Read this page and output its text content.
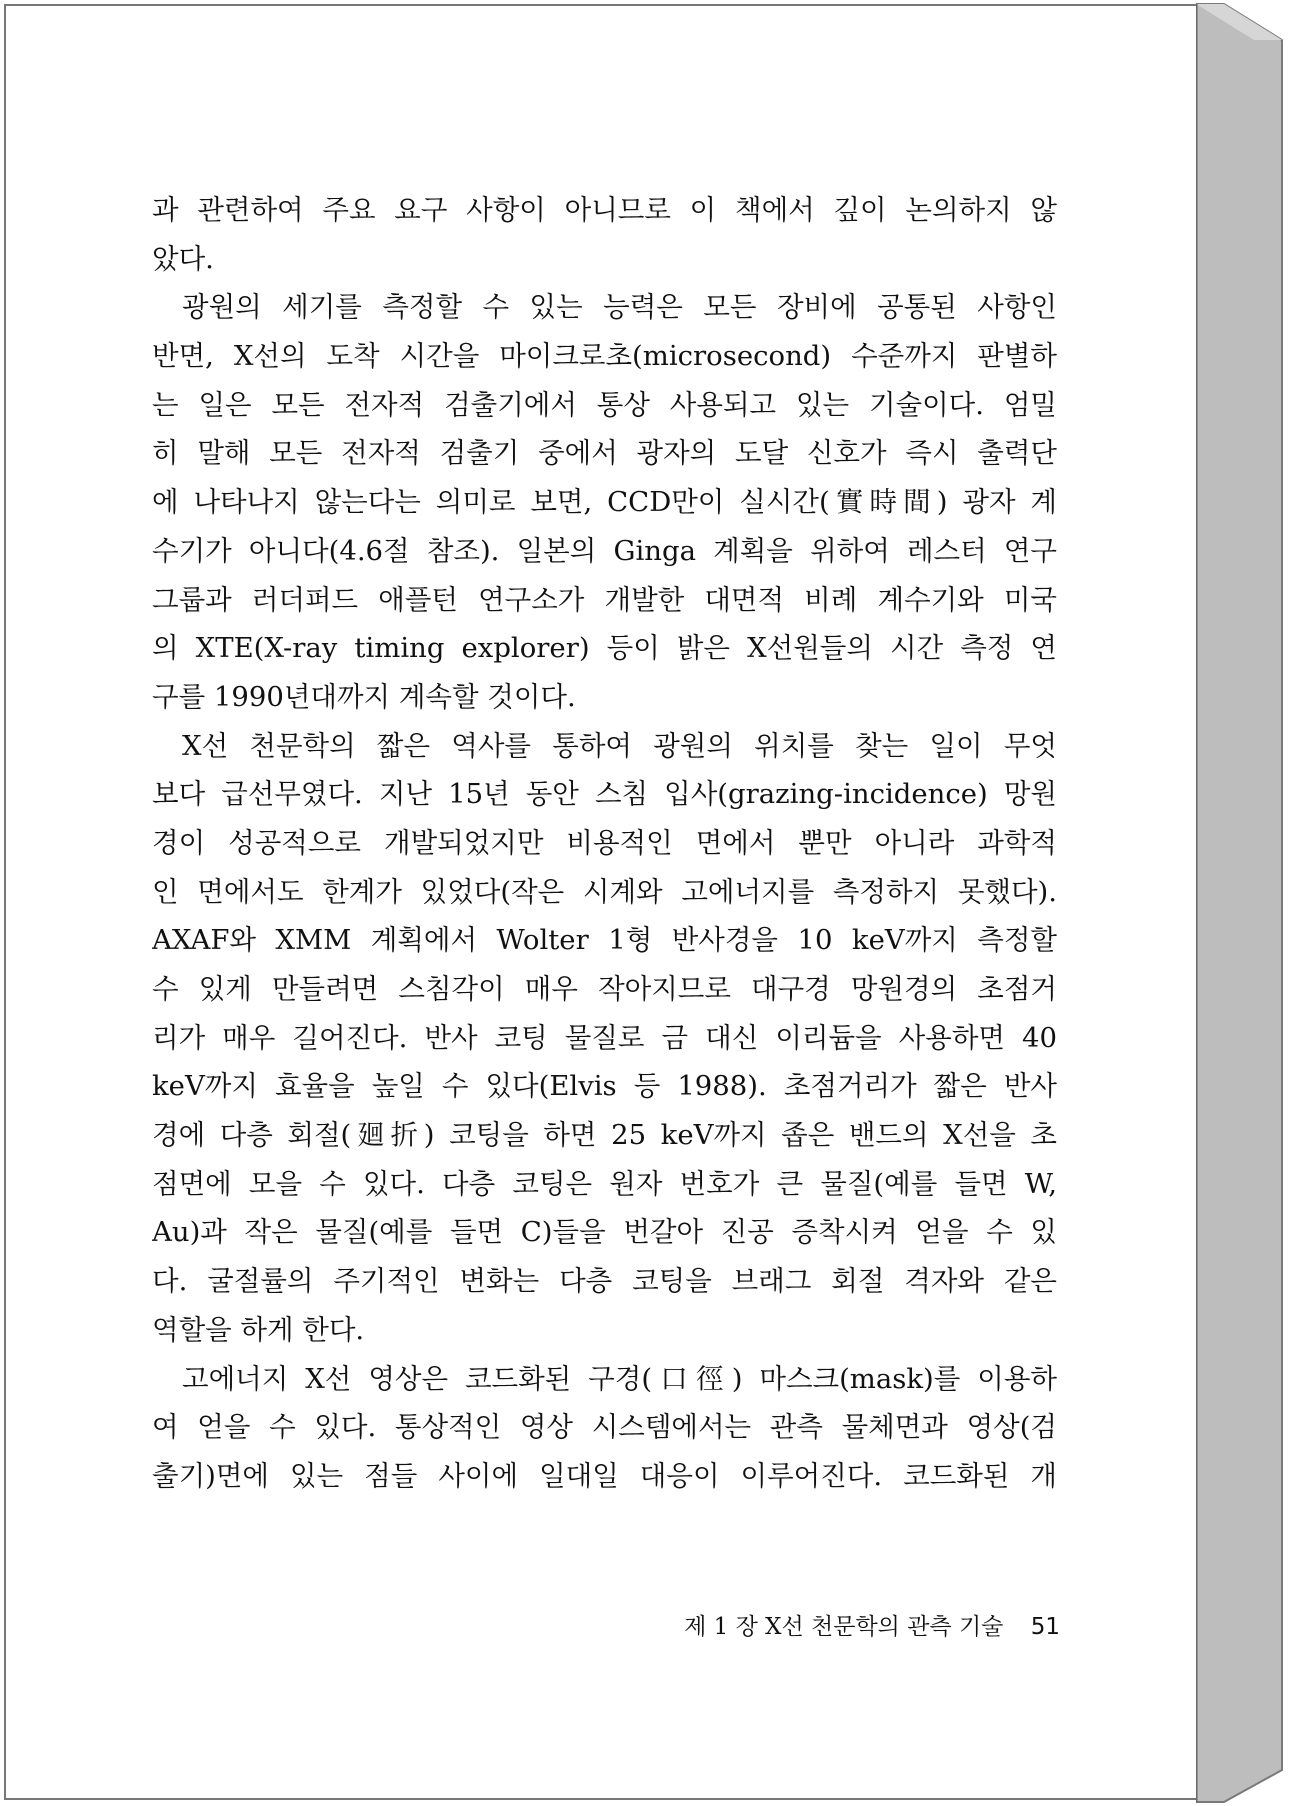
과 관련하여 주요 요구 사항이 아니므로 이 책에서 깊이 논의하지 않
았다.
광원의 세기를 측정할 수 있는 능력은 모든 장비에 공통된 사항인
반면, X선의 도착 시간을 마이크로초(microsecond) 수준까지 판별하
는 일은 모든 전자적 검출기에서 통상 사용되고 있는 기술이다. 엄밀
히 말해 모든 전자적 검출기 중에서 광자의 도달 신호가 즉시 출력단
에 나타나지 않는다는 의미로 보면, CCD만이 실시간(實時間) 광자 계
수기가 아니다(4.6절 참조). 일본의 Ginga 계획을 위하여 레스터 연구
그룹과 러더퍼드 애플턴 연구소가 개발한 대면적 비례 계수기와 미국
의 XTE(X-ray timing explorer) 등이 밝은 X선원들의 시간 측정 연
구를 1990년대까지 계속할 것이다.
X선 천문학의 짧은 역사를 통하여 광원의 위치를 찾는 일이 무엇
보다 급선무였다. 지난 15년 동안 스침 입사(grazing-incidence) 망원
경이 성공적으로 개발되었지만 비용적인 면에서 뿐만 아니라 과학적
인 면에서도 한계가 있었다(작은 시계와 고에너지를 측정하지 못했다).
AXAF와 XMM 계획에서 Wolter 1형 반사경을 10 keV까지 측정할
수 있게 만들려면 스침각이 매우 작아지므로 대구경 망원경의 초점거
리가 매우 길어진다. 반사 코팅 물질로 금 대신 이리듐을 사용하면 40
keV까지 효율을 높일 수 있다(Elvis 등 1988). 초점거리가 짧은 반사
경에 다층 회절(廻折) 코팅을 하면 25 keV까지 좁은 밴드의 X선을 초
점면에 모을 수 있다. 다층 코팅은 원자 번호가 큰 물질(예를 들면 W,
Au)과 작은 물질(예를 들면 C)들을 번갈아 진공 증착시켜 얻을 수 있
다. 굴절률의 주기적인 변화는 다층 코팅을 브래그 회절 격자와 같은
역할을 하게 한다.
고에너지 X선 영상은 코드화된 구경(口徑) 마스크(mask)를 이용하
여 얻을 수 있다. 통상적인 영상 시스템에서는 관측 물체면과 영상(검
출기)면에 있는 점들 사이에 일대일 대응이 이루어진다. 코드화된 개
제 1 장 X선 천문학의 관측 기술 51
